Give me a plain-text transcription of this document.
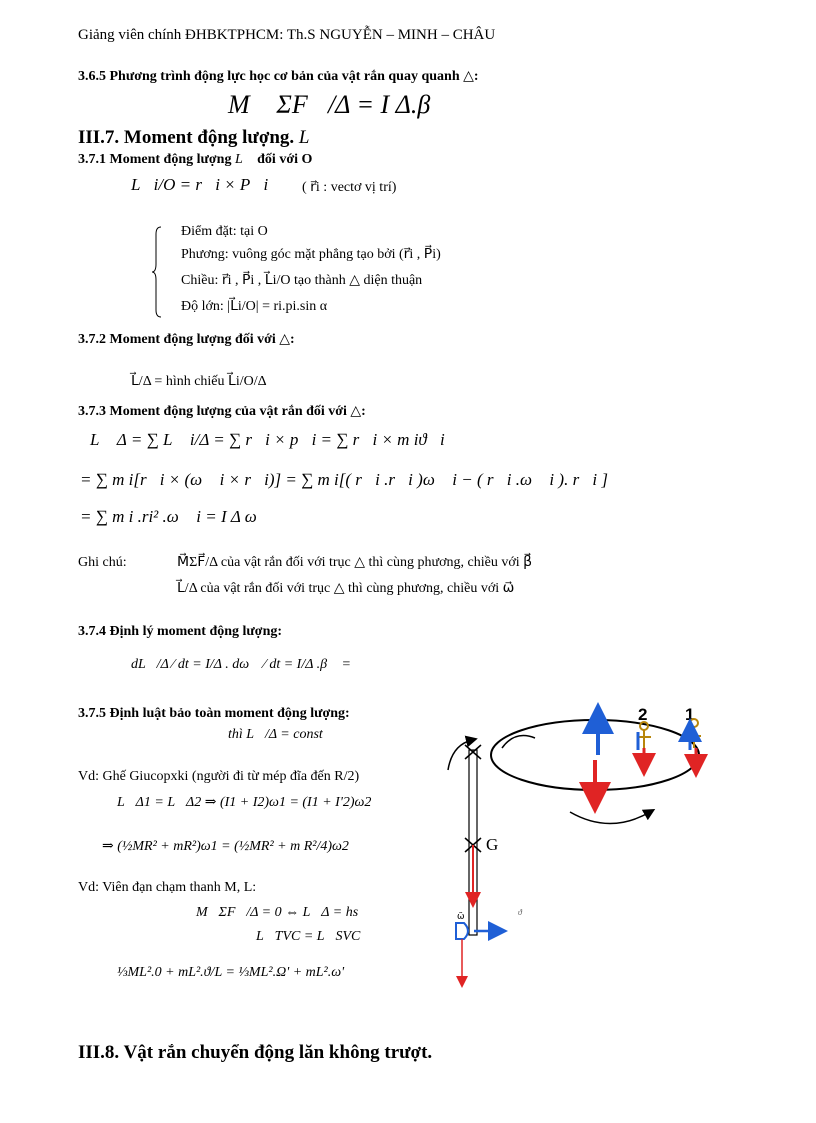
Giảng viên chính ĐHBKTPHCM: Th.S NGUYỄN – MINH – CHÂU
3.6.5 Phương trình động lực học cơ bản của vật rắn quay quanh △:
M⃗ ΣF⃗/Δ = I Δ.β⃗
III.7. Moment động lượng. L⃗
3.7.1 Moment động lượng L⃗ đối với O
L⃗i/O = r⃗i × P⃗i ( r⃗i : vectơ vị trí)
Điểm đặt: tại O
Phương: vuông góc mặt phẳng tạo bởi (r⃗i , P⃗i)
Chiều: r⃗i , P⃗i , L⃗i/O tạo thành △ diện thuận
Độ lớn: |L⃗i/O| = ri.pi.sin α
3.7.2 Moment động lượng đối với △:
L⃗/Δ = hình chiếu L⃗i/O/Δ
3.7.3 Moment động lượng của vật rắn đối với △:
L⃗ Δ = ∑ L⃗ i/Δ = ∑ r⃗i × p⃗i = ∑ r⃗i × m iϑ⃗i
= ∑ m i[r⃗i × (ω⃗ i × r⃗i)] = ∑ m i[( r⃗i .r⃗i )ω⃗ i − ( r⃗i .ω⃗ i ). r⃗i ]
= ∑ m i .ri² .ω⃗ i = I Δ ω⃗
Ghi chú:	M⃗ΣF⃗/Δ của vật rắn đối với trục △ thì cùng phương, chiều với β⃗
L⃗/Δ của vật rắn đối với trục △ thì cùng phương, chiều với ω⃗
3.7.4 Định lý moment động lượng:
dL⃗/Δ ⁄ dt = I/Δ . dω⃗ ⁄ dt = I/Δ .β⃗ =
3.7.5 Định luật bảo toàn moment động lượng:
thì L⃗/Δ = const
Vd: Ghế Giucopxki (người đi từ mép đĩa đến R/2)
L⃗Δ1 = L⃗Δ2 ⇒ (I1 + I2)ω1 = (I1 + I'2)ω2
⇒ (½MR² + mR²)ω1 = (½MR² + m R²/4)ω2
Vd: Viên đạn chạm thanh M, L:
M⃗ΣF⃗/Δ = 0 ⇔ L⃗Δ = hs
L⃗TVC = L⃗SVC
⅓ML².0 + mL².ϑ/L = ⅓ML².Ω' + mL².ω'
III.8. Vật rắn chuyển động lăn không trượt.
2 1
G
ϑ
ω̃
